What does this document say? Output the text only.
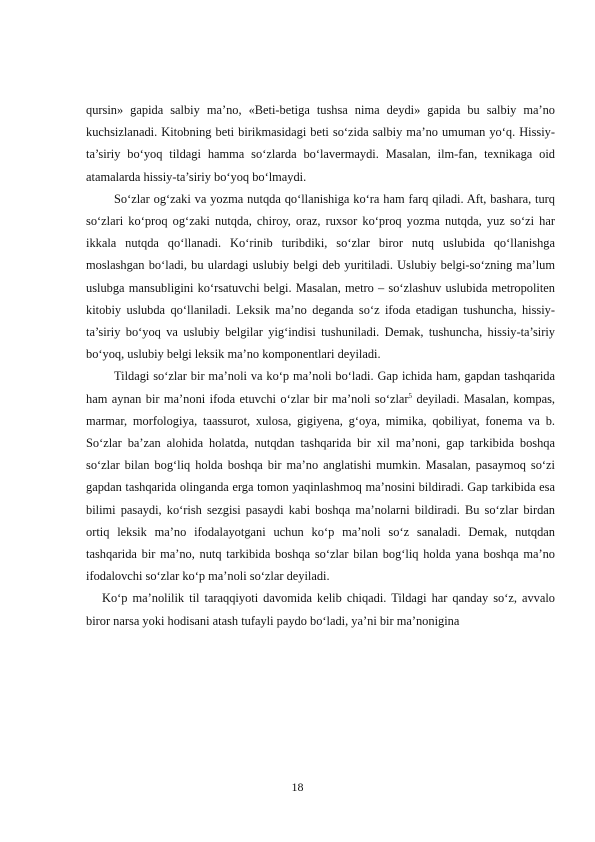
qursin» gapida salbiy ma’no, «Beti-betiga tushsa nima deydi» gapida bu salbiy ma’no kuchsizlanadi. Kitobning beti birikmasidagi beti so‘zida salbiy ma’no umuman yo‘q. Hissiy-ta’siriy bo‘yoq tildagi hamma so‘zlarda bo‘lavermaydi. Masalan, ilm-fan, texnikaga oid atamalarda hissiy-ta’siriy bo‘yoq bo‘lmaydi.

So‘zlar og‘zaki va yozma nutqda qo‘llanishiga ko‘ra ham farq qiladi. Aft, bashara, turq so‘zlari ko‘proq og‘zaki nutqda, chiroy, oraz, ruxsor ko‘proq yozma nutqda, yuz so‘zi har ikkala nutqda qo‘llanadi. Ko‘rinib turibdiki, so‘zlar biror nutq uslubida qo‘llanishga moslashgan bo‘ladi, bu ulardagi uslubiy belgi deb yuritiladi. Uslubiy belgi-so‘zning ma’lum uslubga mansubligini ko‘rsatuvchi belgi. Masalan, metro – so‘zlashuv uslubida metropoliten kitobiy uslubda qo‘llaniladi. Leksik ma’no deganda so‘z ifoda etadigan tushuncha, hissiy-ta’siriy bo‘yoq va uslubiy belgilar yig‘indisi tushuniladi. Demak, tushuncha, hissiy-ta’siriy bo‘yoq, uslubiy belgi leksik ma’no komponentlari deyiladi.

Tildagi so‘zlar bir ma’noli va ko‘p ma’noli bo‘ladi. Gap ichida ham, gapdan tashqarida ham aynan bir ma’noni ifoda etuvchi o‘zlar bir ma’noli so‘zlar$^5$ deyiladi. Masalan, kompas, marmar, morfologiya, taassurot, xulosa, gigiyena, g‘oya, mimika, qobiliyat, fonema va b. So‘zlar ba’zan alohida holatda, nutqdan tashqarida bir xil ma’noni, gap tarkibida boshqa so‘zlar bilan bog‘liq holda boshqa bir ma’no anglatishi mumkin. Masalan, pasaymoq so‘zi gapdan tashqarida olinganda erga tomon yaqinlashmoq ma’nosini bildiradi. Gap tarkibida esa bilimi pasaydi, ko‘rish sezgisi pasaydi kabi boshqa ma’nolarni bildiradi. Bu so‘zlar birdan ortiq leksik ma’no ifodalayotgani uchun ko‘p ma’noli so‘z sanaladi. Demak, nutqdan tashqarida bir ma’no, nutq tarkibida boshqa so‘zlar bilan bog‘liq holda yana boshqa ma’no ifodalovchi so‘zlar ko‘p ma’noli so‘zlar deyiladi.

Ko‘p ma’nolilik til taraqqiyoti davomida kelib chiqadi. Tildagi har qanday so‘z, avvalo biror narsa yoki hodisani atash tufayli paydo bo‘ladi, ya’ni bir ma’nonigina

18
